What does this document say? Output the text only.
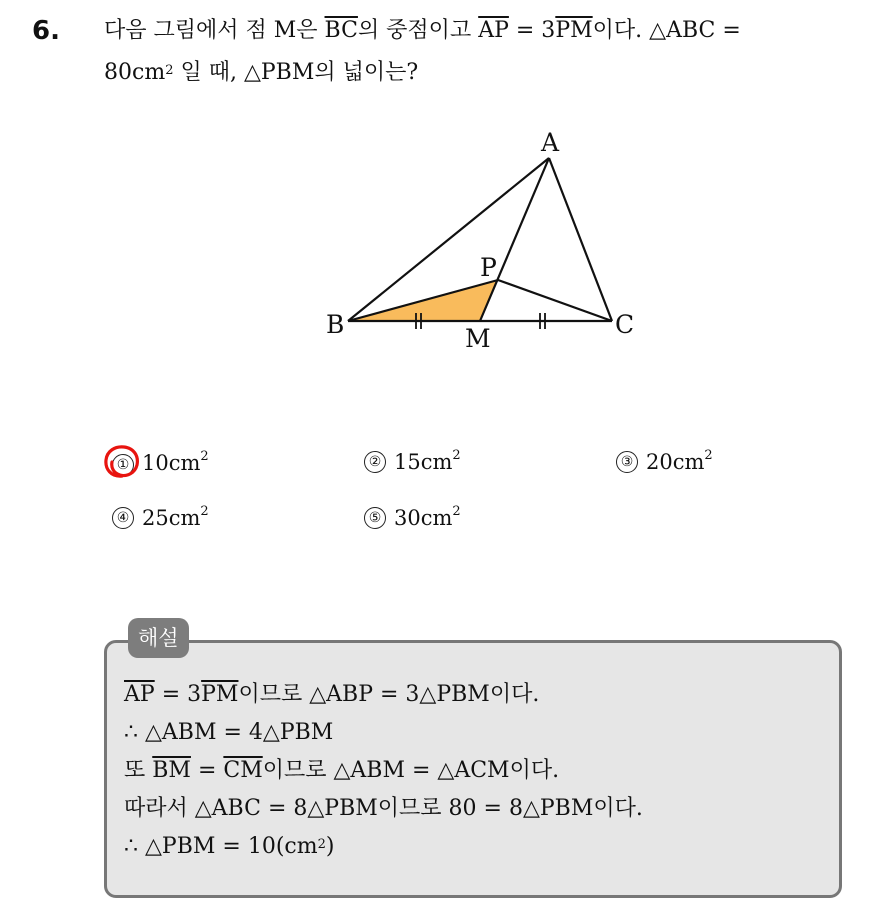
6. 다음 그림에서 점 M은 $\overline{BC}$의 중점이고 $\overline{AP} = 3\overline{PM}$이다. △ABC =
$80cm^2$ 일 때, △PBM의 넓이는?
A
B	C
P
M
① $10cm^2$	② $15cm^2$	③ $20cm^2$
④ $25cm^2$	⑤ $30cm^2$
해설
$\overline{AP} = 3\overline{PM}$이므로 △ABP = 3△PBM이다.
∴ △ABM = 4△PBM
또 $\overline{BM} = \overline{CM}$이므로 △ABM = △ACM이다.
따라서 △ABC = 8△PBM이므로 80 = 8△PBM이다.
∴ △PBM = $10(cm^2)$
